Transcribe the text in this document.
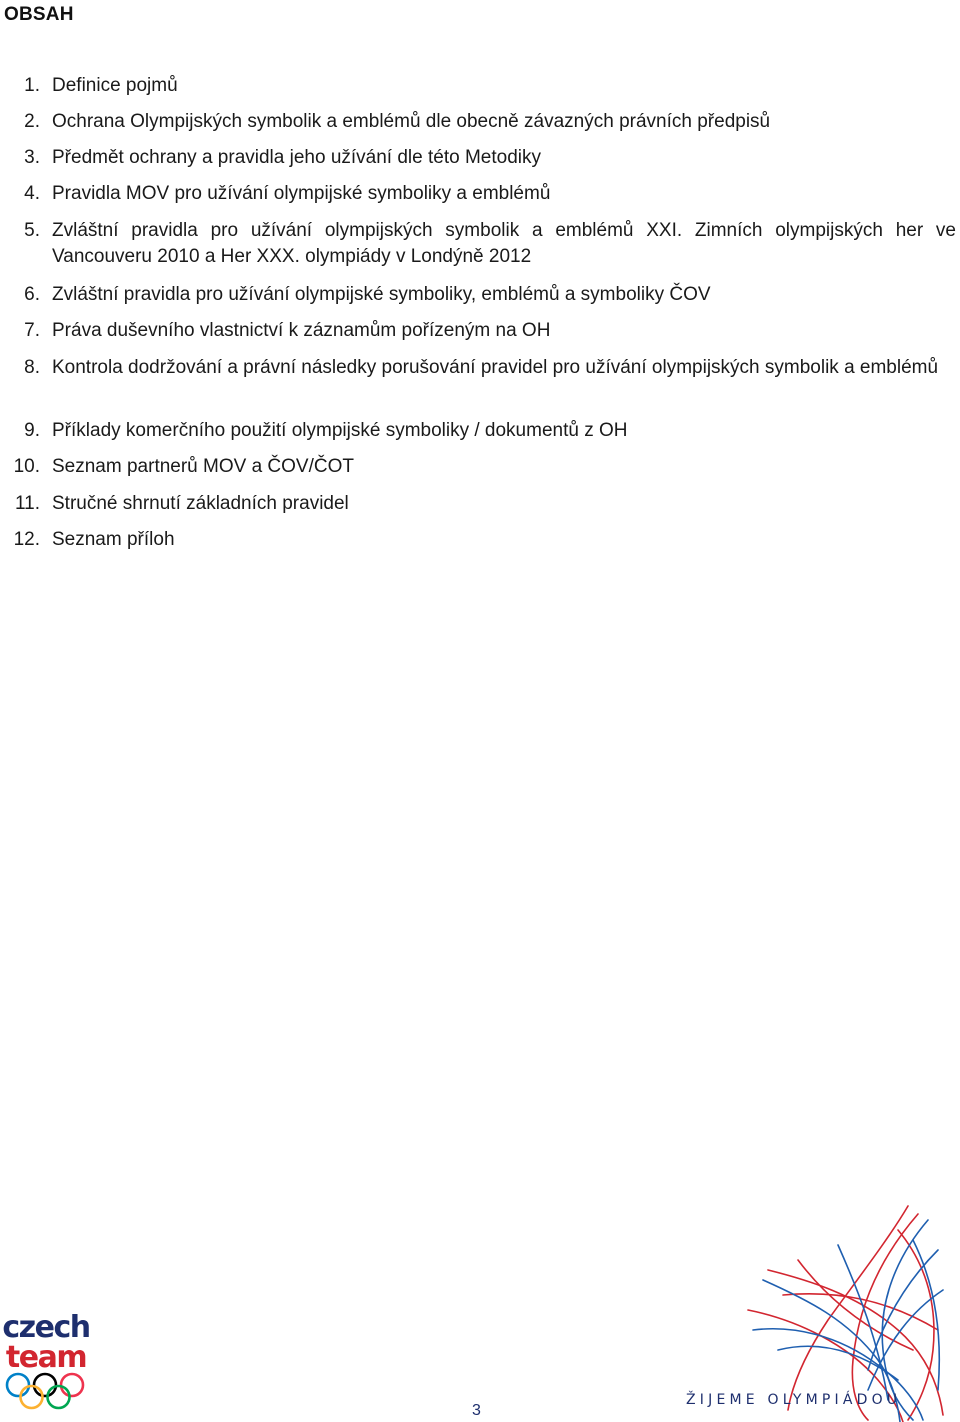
OBSAH
1. Definice pojmů
2. Ochrana Olympijských symbolik a emblémů dle obecně závazných právních předpisů
3. Předmět ochrany a pravidla jeho užívání dle této Metodiky
4. Pravidla MOV pro užívání olympijské symboliky a emblémů
5. Zvláštní pravidla pro užívání olympijských symbolik a emblémů XXI. Zimních olympijských her ve Vancouveru 2010 a Her XXX. olympiády v Londýně 2012
6. Zvláštní pravidla pro užívání olympijské symboliky, emblémů a symboliky ČOV
7. Práva duševního vlastnictví k záznamům pořízeným na OH
8. Kontrola dodržování a právní následky porušování pravidel pro užívání olympijských symbolik a emblémů
9. Příklady komerčního použití olympijské symboliky / dokumentů z OH
10. Seznam partnerů MOV a ČOV/ČOT
11. Stručné shrnutí základních pravidel
12. Seznam příloh
czech
team
ŽIJEME OLYMPIÁDOU
3
